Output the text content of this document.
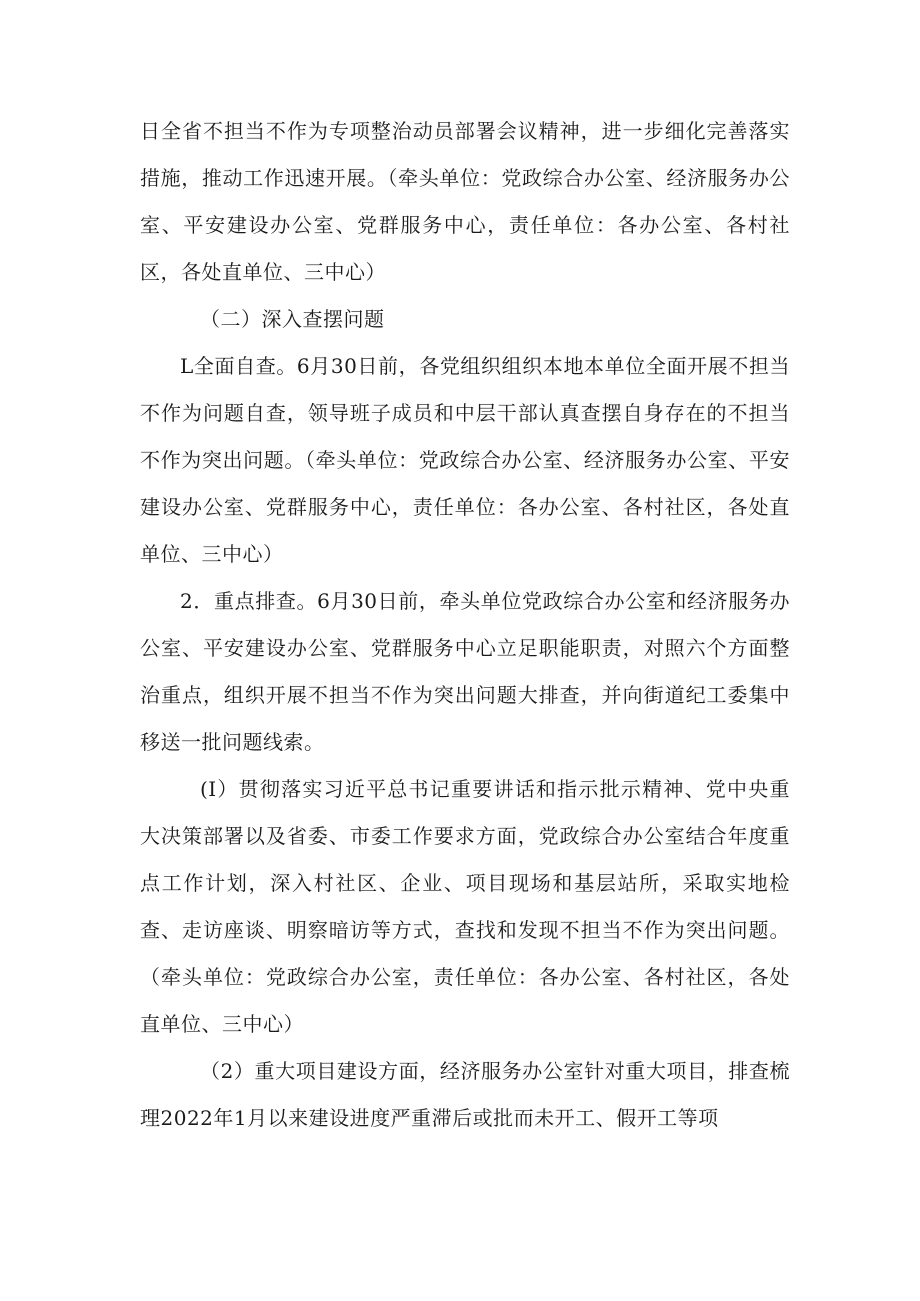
日全省不担当不作为专项整治动员部署会议精神，进一步细化完善落实措施，推动工作迅速开展。（牵头单位：党政综合办公室、经济服务办公室、平安建设办公室、党群服务中心，责任单位：各办公室、各村社区，各处直单位、三中心）

（二）深入查摆问题

L全面自查。6月30日前，各党组织组织本地本单位全面开展不担当不作为问题自查，领导班子成员和中层干部认真查摆自身存在的不担当不作为突出问题。（牵头单位：党政综合办公室、经济服务办公室、平安建设办公室、党群服务中心，责任单位：各办公室、各村社区，各处直单位、三中心）

2．重点排查。6月30日前，牵头单位党政综合办公室和经济服务办公室、平安建设办公室、党群服务中心立足职能职责，对照六个方面整治重点，组织开展不担当不作为突出问题大排查，并向街道纪工委集中移送一批问题线索。

(I）贯彻落实习近平总书记重要讲话和指示批示精神、党中央重大决策部署以及省委、市委工作要求方面，党政综合办公室结合年度重点工作计划，深入村社区、企业、项目现场和基层站所，采取实地检查、走访座谈、明察暗访等方式，查找和发现不担当不作为突出问题。（牵头单位：党政综合办公室，责任单位：各办公室、各村社区，各处直单位、三中心）

（2）重大项目建设方面，经济服务办公室针对重大项目，排查梳理2022年1月以来建设进度严重滞后或批而未开工、假开工等项
